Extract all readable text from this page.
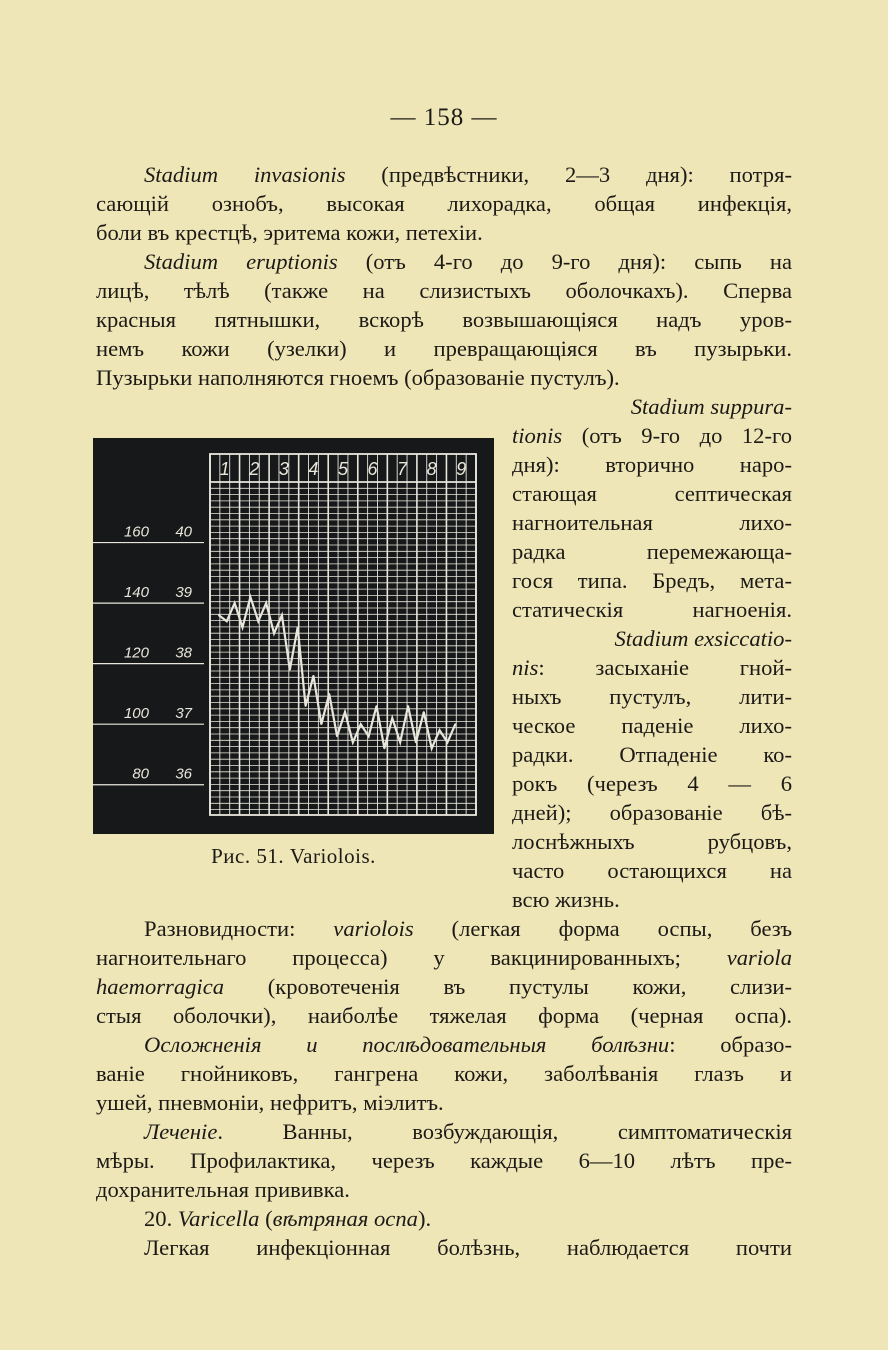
— 158 —
Stadium invasionis (предвѣстники, 2—3 дня): потря-
сающій ознобъ, высокая лихорадка, общая инфекція,
боли въ крестцѣ, эритема кожи, петехіи.
Stadium eruptionis (отъ 4-го до 9-го дня): сыпь на
лицѣ, тѣлѣ (также на слизистыхъ оболочкахъ). Сперва
красныя пятнышки, вскорѣ возвышающіяся надъ уров-
немъ кожи (узелки) и превращающіяся въ пузырьки.
Пузырьки наполняются гноемъ (образованіе пустулъ).
Stadium suppura-
tionis (отъ 9-го до 12-го
дня): вторично наро-
стающая септическая
нагноительная лихо-
радка перемежающа-
гося типа. Бредъ, мета-
статическія нагноенія.
Stadium exsiccatio-
nis: засыханіе гной-
ныхъ пустулъ, лити-
ческое паденіе лихо-
радки. Отпаденіе ко-
рокъ (черезъ 4 — 6
дней); образованіе бѣ-
лоснѣжныхъ рубцовъ,
часто остающихся на
всю жизнь.
1 2 3 4 5 6 7 8 9
160 40
140 39
120 38
100 37
80 36
Рис. 51. Variolois.
Разновидности: variolois (легкая форма оспы, безъ
нагноительнаго процесса) у вакцинированныхъ; variola
haemorragica (кровотеченія въ пустулы кожи, слизи-
стыя оболочки), наиболѣе тяжелая форма (черная оспа).
Осложненія и послѣдовательныя болѣзни: образо-
ваніе гнойниковъ, гангрена кожи, заболѣванія глазъ и
ушей, пневмоніи, нефритъ, міэлитъ.
Леченіе. Ванны, возбуждающія, симптоматическія
мѣры. Профилактика, черезъ каждые 6—10 лѣтъ пре-
дохранительная прививка.
20. Varicella (вѣтряная оспа).
Легкая инфекціонная болѣзнь, наблюдается почти
